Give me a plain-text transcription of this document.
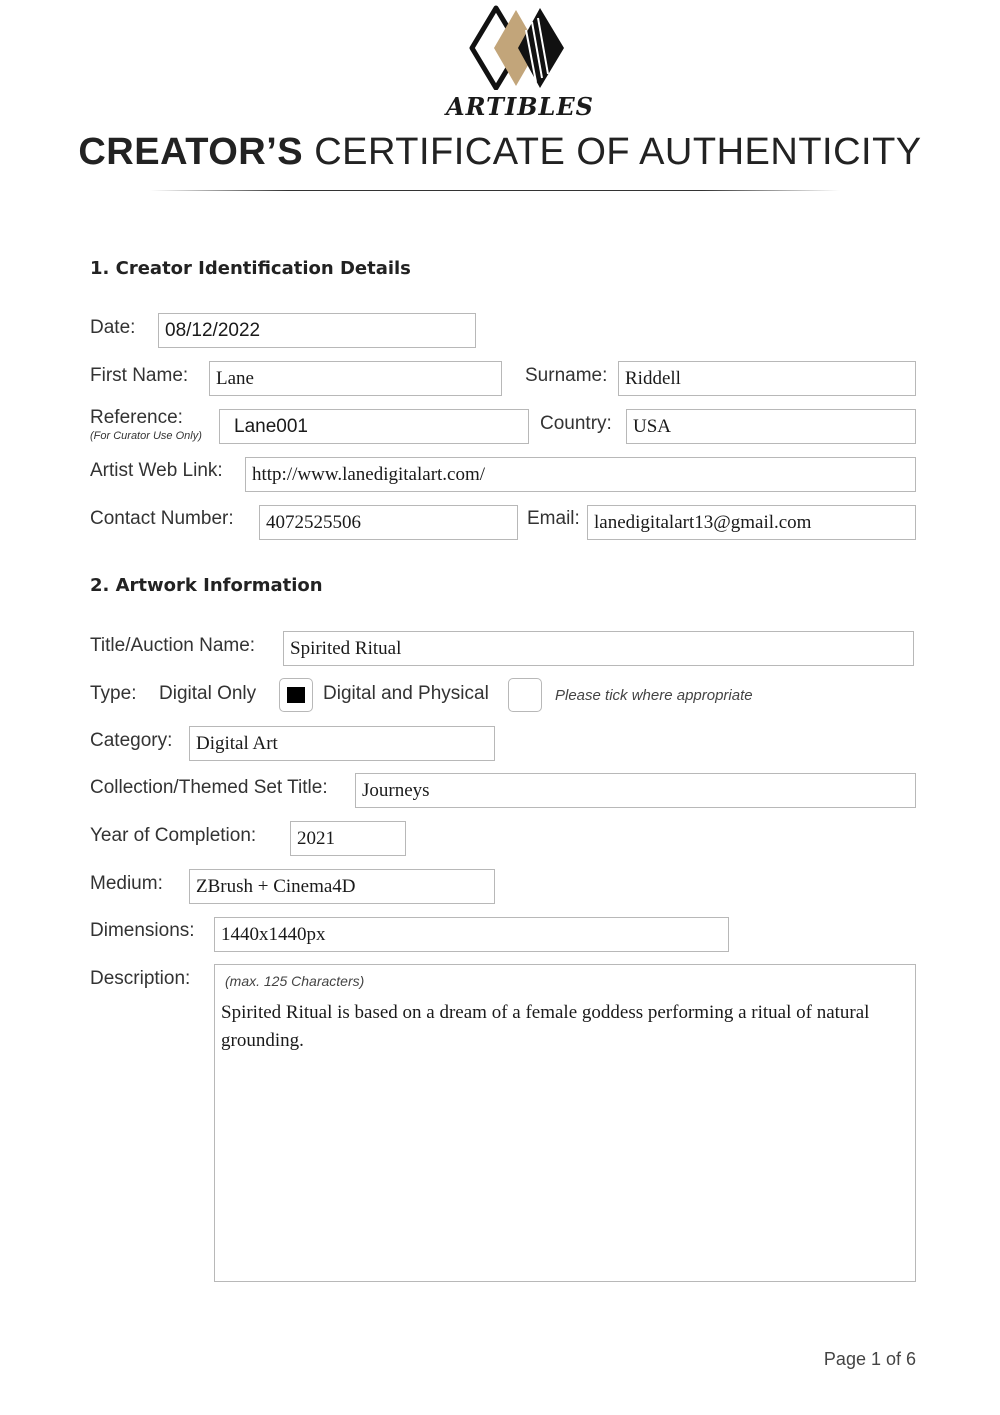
ARTIBLES
CREATOR’S CERTIFICATE OF AUTHENTICITY
1. Creator Identification Details
Date:	08/12/2022
First Name:	Lane	Surname: Riddell
Reference:
(For Curator Use Only)	Lane001	Country:	USA
Artist Web Link:	http://www.lanedigitalart.com/
Contact Number:	4072525506	Email: lanedigitalart13@gmail.com
2. Artwork Information
Title/Auction Name:	Spirited Ritual
Type: Digital Only	Digital and Physical	Please tick where appropriate
Category:	Digital Art
Collection/Themed Set Title:	Journeys
Year of Completion:	2021
Medium:	ZBrush + Cinema4D
Dimensions:	1440x1440px
Description: (max. 125 Characters)
Spirited Ritual is based on a dream of a female goddess performing a ritual of natural grounding.
Page 1 of 6
